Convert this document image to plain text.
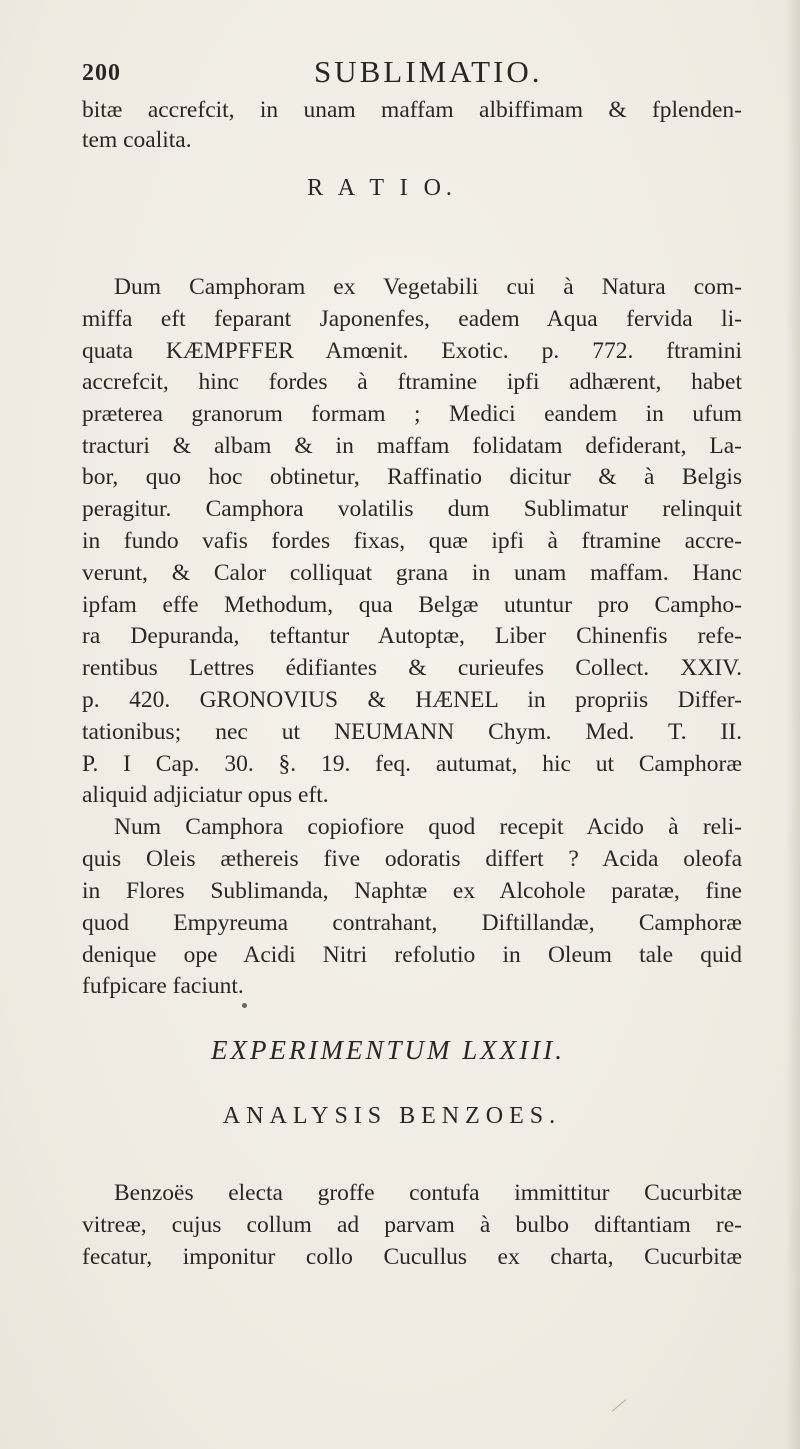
200	SUBLIMATIO.
bitæ accrefcit, in unam maffam albiffimam & fplenden-
tem coalita.
R A T I O.
Dum Camphoram ex Vegetabili cui à Natura com-
miffa eft feparant Japonenfes, eadem Aqua fervida li-
quata KÆMPFFER Amœnit. Exotic. p. 772. ftramini
accrefcit, hinc fordes à ftramine ipfi adhærent, habet
præterea granorum formam ; Medici eandem in ufum
tracturi & albam & in maffam folidatam defiderant, La-
bor, quo hoc obtinetur, Raffinatio dicitur & à Belgis
peragitur. Camphora volatilis dum Sublimatur relinquit
in fundo vafis fordes fixas, quæ ipfi à ftramine accre-
verunt, & Calor colliquat grana in unam maffam. Hanc
ipfam effe Methodum, qua Belgæ utuntur pro Campho-
ra Depuranda, teftantur Autoptæ, Liber Chinenfis refe-
rentibus Lettres édifiantes & curieufes Collect. XXIV.
p. 420. GRONOVIUS & HÆNEL in propriis Differ-
tationibus; nec ut NEUMANN Chym. Med. T. II.
P. I Cap. 30. §. 19. feq. autumat, hic ut Camphoræ
aliquid adjiciatur opus eft.
Num Camphora copiofiore quod recepit Acido à reli-
quis Oleis æthereis five odoratis differt ? Acida oleofa
in Flores Sublimanda, Naphtæ ex Alcohole paratæ, fine
quod Empyreuma contrahant, Diftillandæ, Camphoræ
denique ope Acidi Nitri refolutio in Oleum tale quid
fufpicare faciunt.
EXPERIMENTUM LXXIII.
ANALYSIS BENZOES.
Benzoës electa groffe contufa immittitur Cucurbitæ
vitreæ, cujus collum ad parvam à bulbo diftantiam re-
fecatur, imponitur collo Cucullus ex charta, Cucurbitæ
